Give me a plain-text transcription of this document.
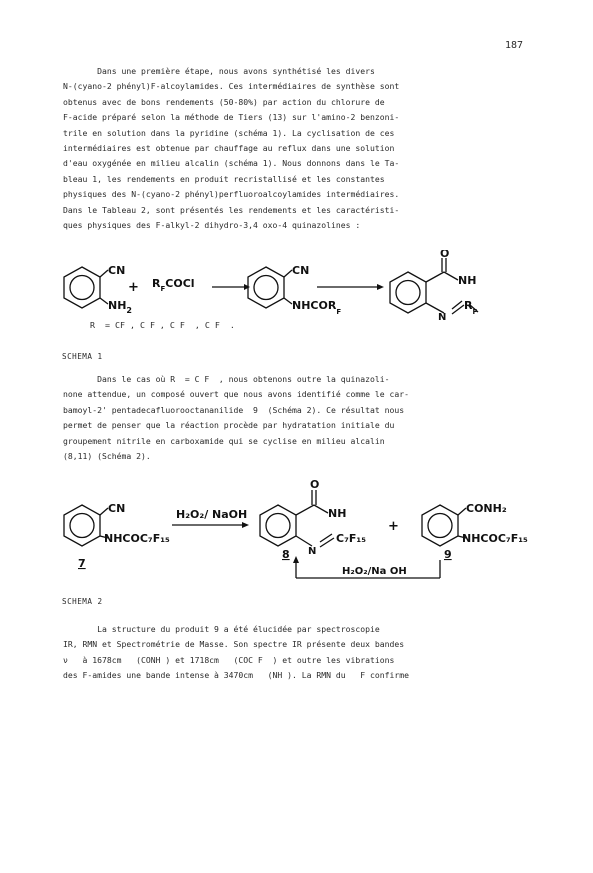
187
Dans une première étape, nous avons synthétisé les divers
N-(cyano-2 phényl)F-alcoylamides. Ces intermédiaires de synthèse sont
obtenus avec de bons rendements (50-80%) par action du chlorure de
F-acide préparé selon la méthode de Tiers (13) sur l'amino-2 benzoni-
trile en solution dans la pyridine (schéma 1). La cyclisation de ces
intermédiaires est obtenue par chauffage au reflux dans une solution
d'eau oxygénée en milieu alcalin (schéma 1). Nous donnons dans le Ta-
bleau 1, les rendements en produit recristallisé et les constantes
physiques des N-(cyano-2 phényl)perfluoroalcoylamides intermédiaires.
Dans le Tableau 2, sont présentés les rendements et les caractéristi-
ques physiques des F-alkyl-2 dihydro-3,4 oxo-4 quinazolines :
CN
$NH_2$
+ $R_FCOCl$
CN
$NHCOR_F$
O
NH
N
$R_F$
R  = CF , C F , C F  , C F  .
SCHEMA 1
Dans le cas où R  = C F  , nous obtenons outre la quinazoli-
none attendue, un composé ouvert que nous avons identifié comme le car-
bamoyl-2' pentadecafluorooctananilide  9  (Schéma 2). Ce résultat nous
permet de penser que la réaction procède par hydratation initiale du
groupement nitrile en carboxamide qui se cyclise en milieu alcalin
(8,11) (Schéma 2).
CN
NHCOC₇F₁₅
H₂O₂/ NaOH
O
NH
N
C₇F₁₅
+
CONH₂
NHCOC₇F₁₅
7
8	9
H₂O₂/Na OH
SCHEMA 2
La structure du produit 9 a été élucidée par spectroscopie
IR, RMN et Spectrométrie de Masse. Son spectre IR présente deux bandes
ν   à 1678cm   (CONH ) et 1718cm   (COC F  ) et outre les vibrations
des F-amides une bande intense à 3470cm   (NH ). La RMN du   F confirme
